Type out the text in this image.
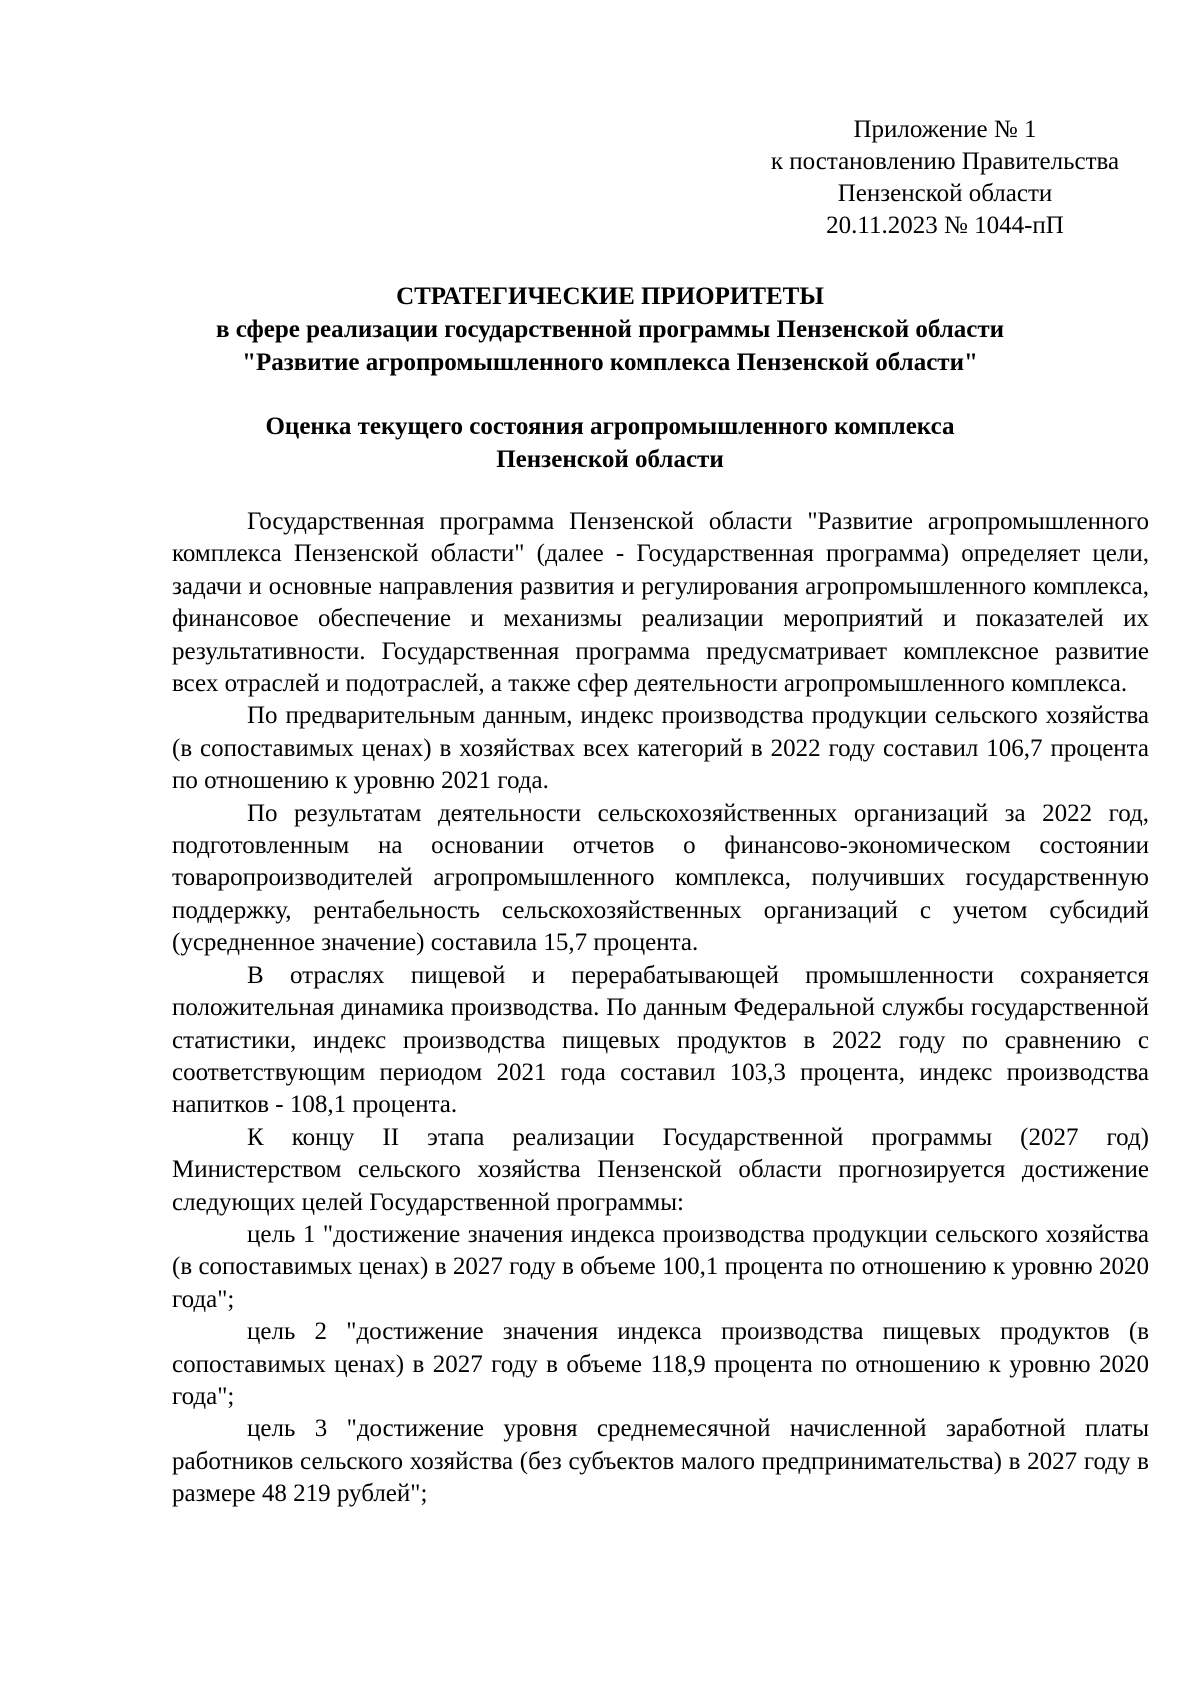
Приложение № 1
к постановлению Правительства
Пензенской области
20.11.2023 № 1044-пП
СТРАТЕГИЧЕСКИЕ ПРИОРИТЕТЫ
в сфере реализации государственной программы Пензенской области
"Развитие агропромышленного комплекса Пензенской области"
Оценка текущего состояния агропромышленного комплекса
Пензенской области

Государственная программа Пензенской области "Развитие агропромышленного комплекса Пензенской области" (далее - Государственная программа) определяет цели, задачи и основные направления развития и регулирования агропромышленного комплекса, финансовое обеспечение и механизмы реализации мероприятий и показателей их результативности. Государственная программа предусматривает комплексное развитие всех отраслей и подотраслей, а также сфер деятельности агропромышленного комплекса.

По предварительным данным, индекс производства продукции сельского хозяйства (в сопоставимых ценах) в хозяйствах всех категорий в 2022 году составил 106,7 процента по отношению к уровню 2021 года.

По результатам деятельности сельскохозяйственных организаций за 2022 год, подготовленным на основании отчетов о финансово-экономическом состоянии товаропроизводителей агропромышленного комплекса, получивших государственную поддержку, рентабельность сельскохозяйственных организаций с учетом субсидий (усредненное значение) составила 15,7 процента.

В отраслях пищевой и перерабатывающей промышленности сохраняется положительная динамика производства. По данным Федеральной службы государственной статистики, индекс производства пищевых продуктов в 2022 году по сравнению с соответствующим периодом 2021 года составил 103,3 процента, индекс производства напитков - 108,1 процента.

К концу II этапа реализации Государственной программы (2027 год) Министерством сельского хозяйства Пензенской области прогнозируется достижение следующих целей Государственной программы:

цель 1 "достижение значения индекса производства продукции сельского хозяйства (в сопоставимых ценах) в 2027 году в объеме 100,1 процента по отношению к уровню 2020 года";

цель 2 "достижение значения индекса производства пищевых продуктов (в сопоставимых ценах) в 2027 году в объеме 118,9 процента по отношению к уровню 2020 года";

цель 3 "достижение уровня среднемесячной начисленной заработной платы работников сельского хозяйства (без субъектов малого предпринимательства) в 2027 году в размере 48 219 рублей";
